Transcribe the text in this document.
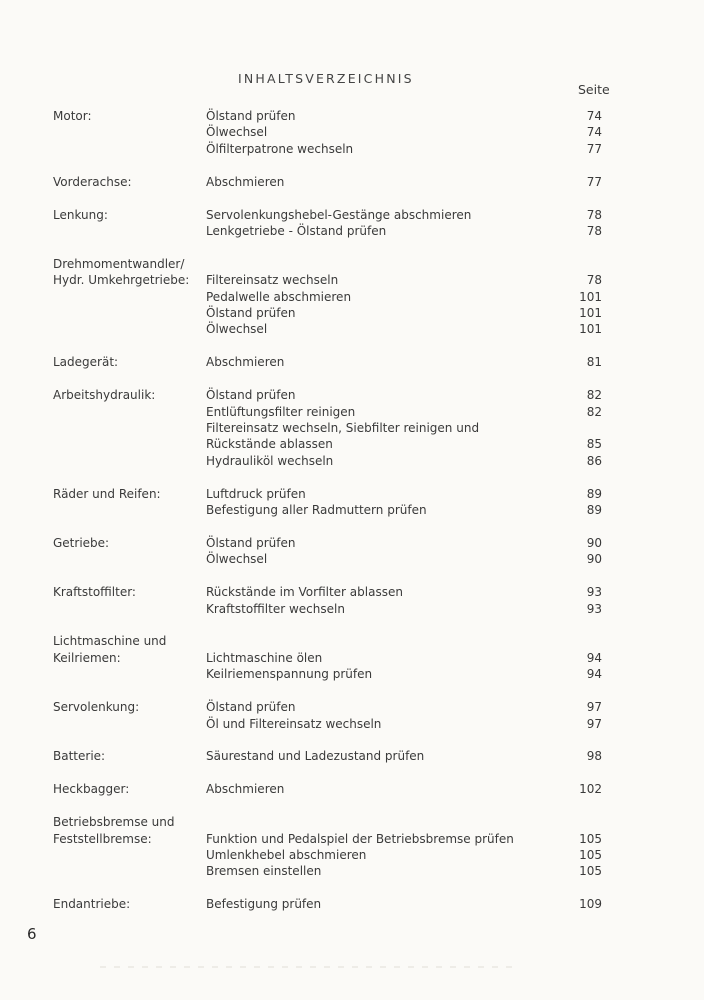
INHALTSVERZEICHNIS
Seite
Motor:	Ölstand prüfen	74
Ölwechsel	74
Ölfilterpatrone wechseln	77
Vorderachse:	Abschmieren	77
Lenkung:	Servolenkungshebel-Gestänge abschmieren	78
Lenkgetriebe - Ölstand prüfen	78
Drehmomentwandler/
Hydr. Umkehrgetriebe: Filtereinsatz wechseln	78
Pedalwelle abschmieren	101
Ölstand prüfen	101
Ölwechsel	101
Ladegerät:	Abschmieren	81
Arbeitshydraulik:	Ölstand prüfen	82
Entlüftungsfilter reinigen	82
Filtereinsatz wechseln, Siebfilter reinigen und
Rückstände ablassen	85
Hydrauliköl wechseln	86
Räder und Reifen:	Luftdruck prüfen	89
Befestigung aller Radmuttern prüfen	89
Getriebe:	Ölstand prüfen	90
Ölwechsel	90
Kraftstoffilter:	Rückstände im Vorfilter ablassen	93
Kraftstoffilter wechseln	93
Lichtmaschine und
Keilriemen:	Lichtmaschine ölen	94
Keilriemenspannung prüfen	94
Servolenkung:	Ölstand prüfen	97
Öl und Filtereinsatz wechseln	97
Batterie:	Säurestand und Ladezustand prüfen	98
Heckbagger:	Abschmieren	102
Betriebsbremse und
Feststellbremse:	Funktion und Pedalspiel der Betriebsbremse prüfen	105
Umlenkhebel abschmieren	105
Bremsen einstellen	105
Endantriebe:	Befestigung prüfen	109
6
